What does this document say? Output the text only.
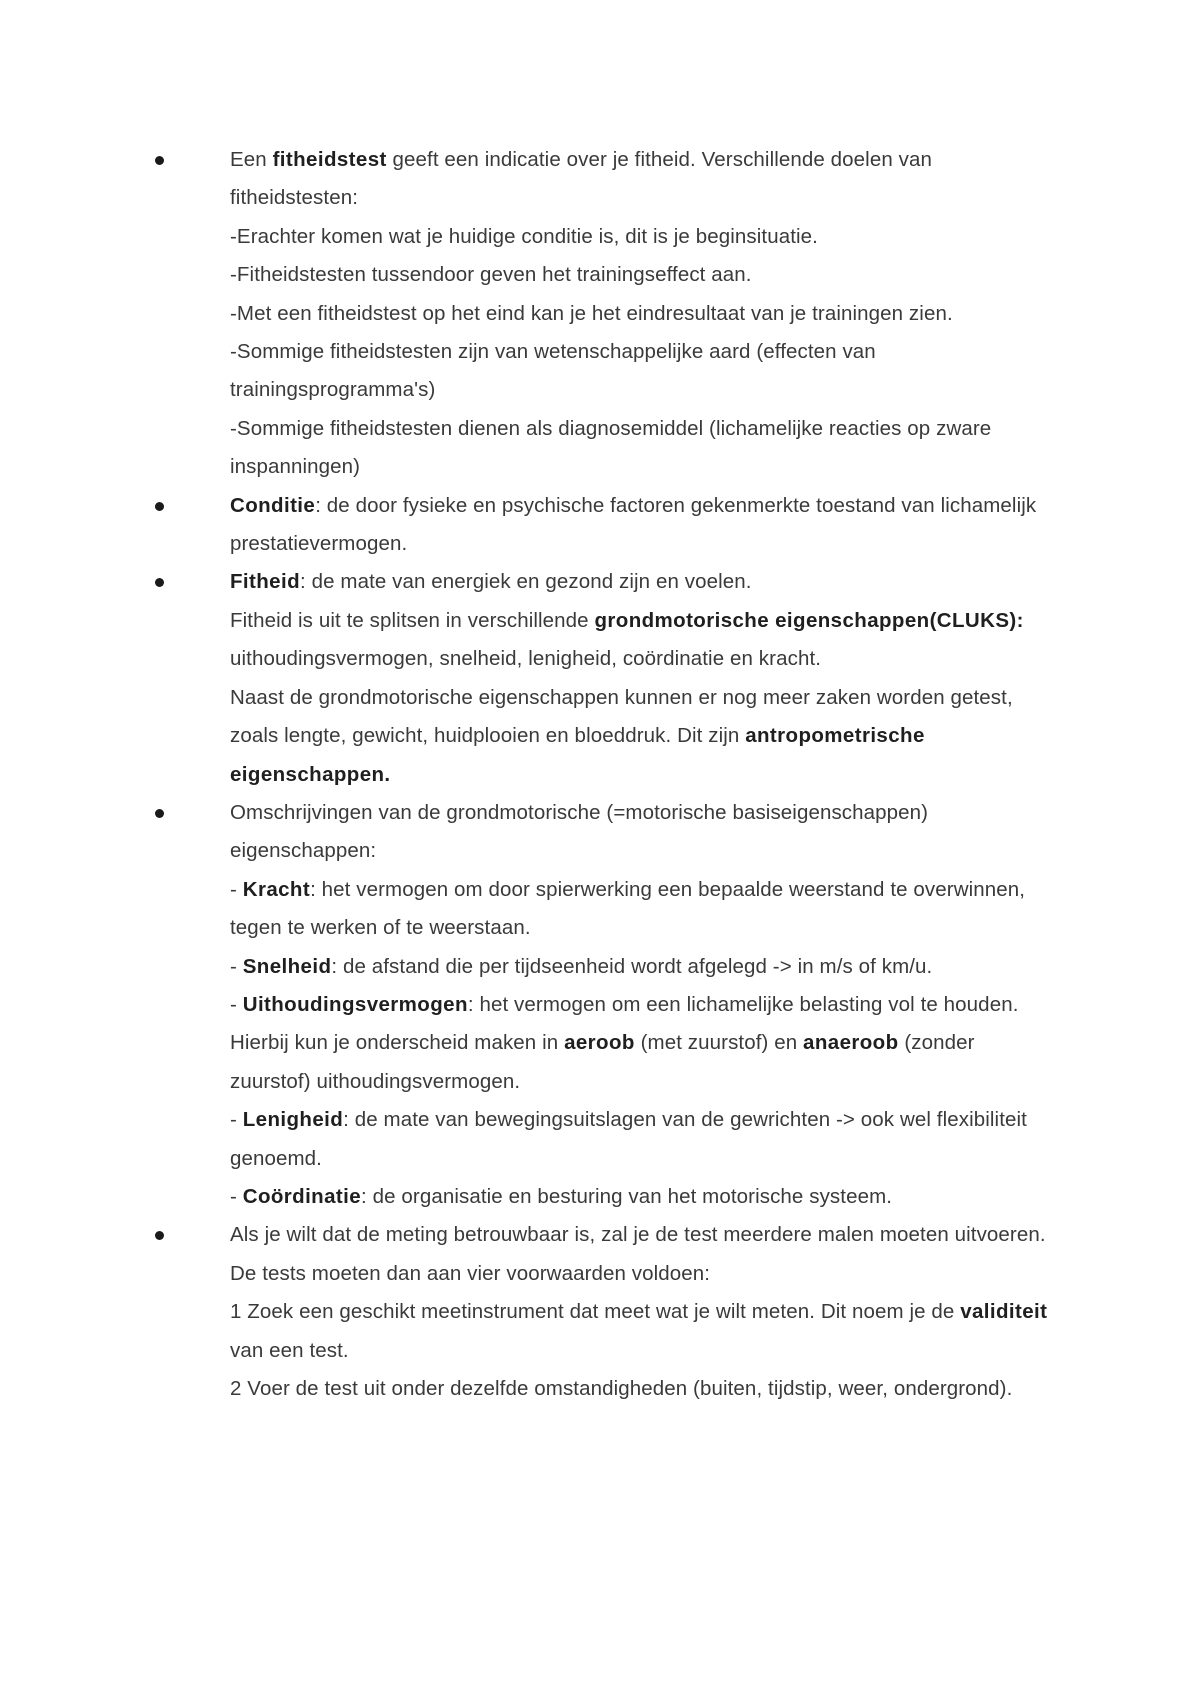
Een fitheidstest geeft een indicatie over je fitheid. Verschillende doelen van fitheidstesten:
-Erachter komen wat je huidige conditie is, dit is je beginsituatie.
-Fitheidstesten tussendoor geven het trainingseffect aan.
-Met een fitheidstest op het eind kan je het eindresultaat van je trainingen zien.
-Sommige fitheidstesten zijn van wetenschappelijke aard (effecten van trainingsprogramma's)
-Sommige fitheidstesten dienen als diagnosemiddel (lichamelijke reacties op zware inspanningen)
Conditie: de door fysieke en psychische factoren gekenmerkte toestand van lichamelijk prestatievermogen.
Fitheid: de mate van energiek en gezond zijn en voelen.
Fitheid is uit te splitsen in verschillende grondmotorische eigenschappen(CLUKS): uithoudingsvermogen, snelheid, lenigheid, coördinatie en kracht.
Naast de grondmotorische eigenschappen kunnen er nog meer zaken worden getest, zoals lengte, gewicht, huidplooien en bloeddruk. Dit zijn antropometrische eigenschappen.
Omschrijvingen van de grondmotorische (=motorische basiseigenschappen) eigenschappen:
- Kracht: het vermogen om door spierwerking een bepaalde weerstand te overwinnen, tegen te werken of te weerstaan.
- Snelheid: de afstand die per tijdseenheid wordt afgelegd -> in m/s of km/u.
- Uithoudingsvermogen: het vermogen om een lichamelijke belasting vol te houden. Hierbij kun je onderscheid maken in aeroob (met zuurstof) en anaeroob (zonder zuurstof) uithoudingsvermogen.
- Lenigheid: de mate van bewegingsuitslagen van de gewrichten -> ook wel flexibiliteit genoemd.
- Coördinatie: de organisatie en besturing van het motorische systeem.
Als je wilt dat de meting betrouwbaar is, zal je de test meerdere malen moeten uitvoeren. De tests moeten dan aan vier voorwaarden voldoen:
1 Zoek een geschikt meetinstrument dat meet wat je wilt meten. Dit noem je de validiteit van een test.
2 Voer de test uit onder dezelfde omstandigheden (buiten, tijdstip, weer, ondergrond).
